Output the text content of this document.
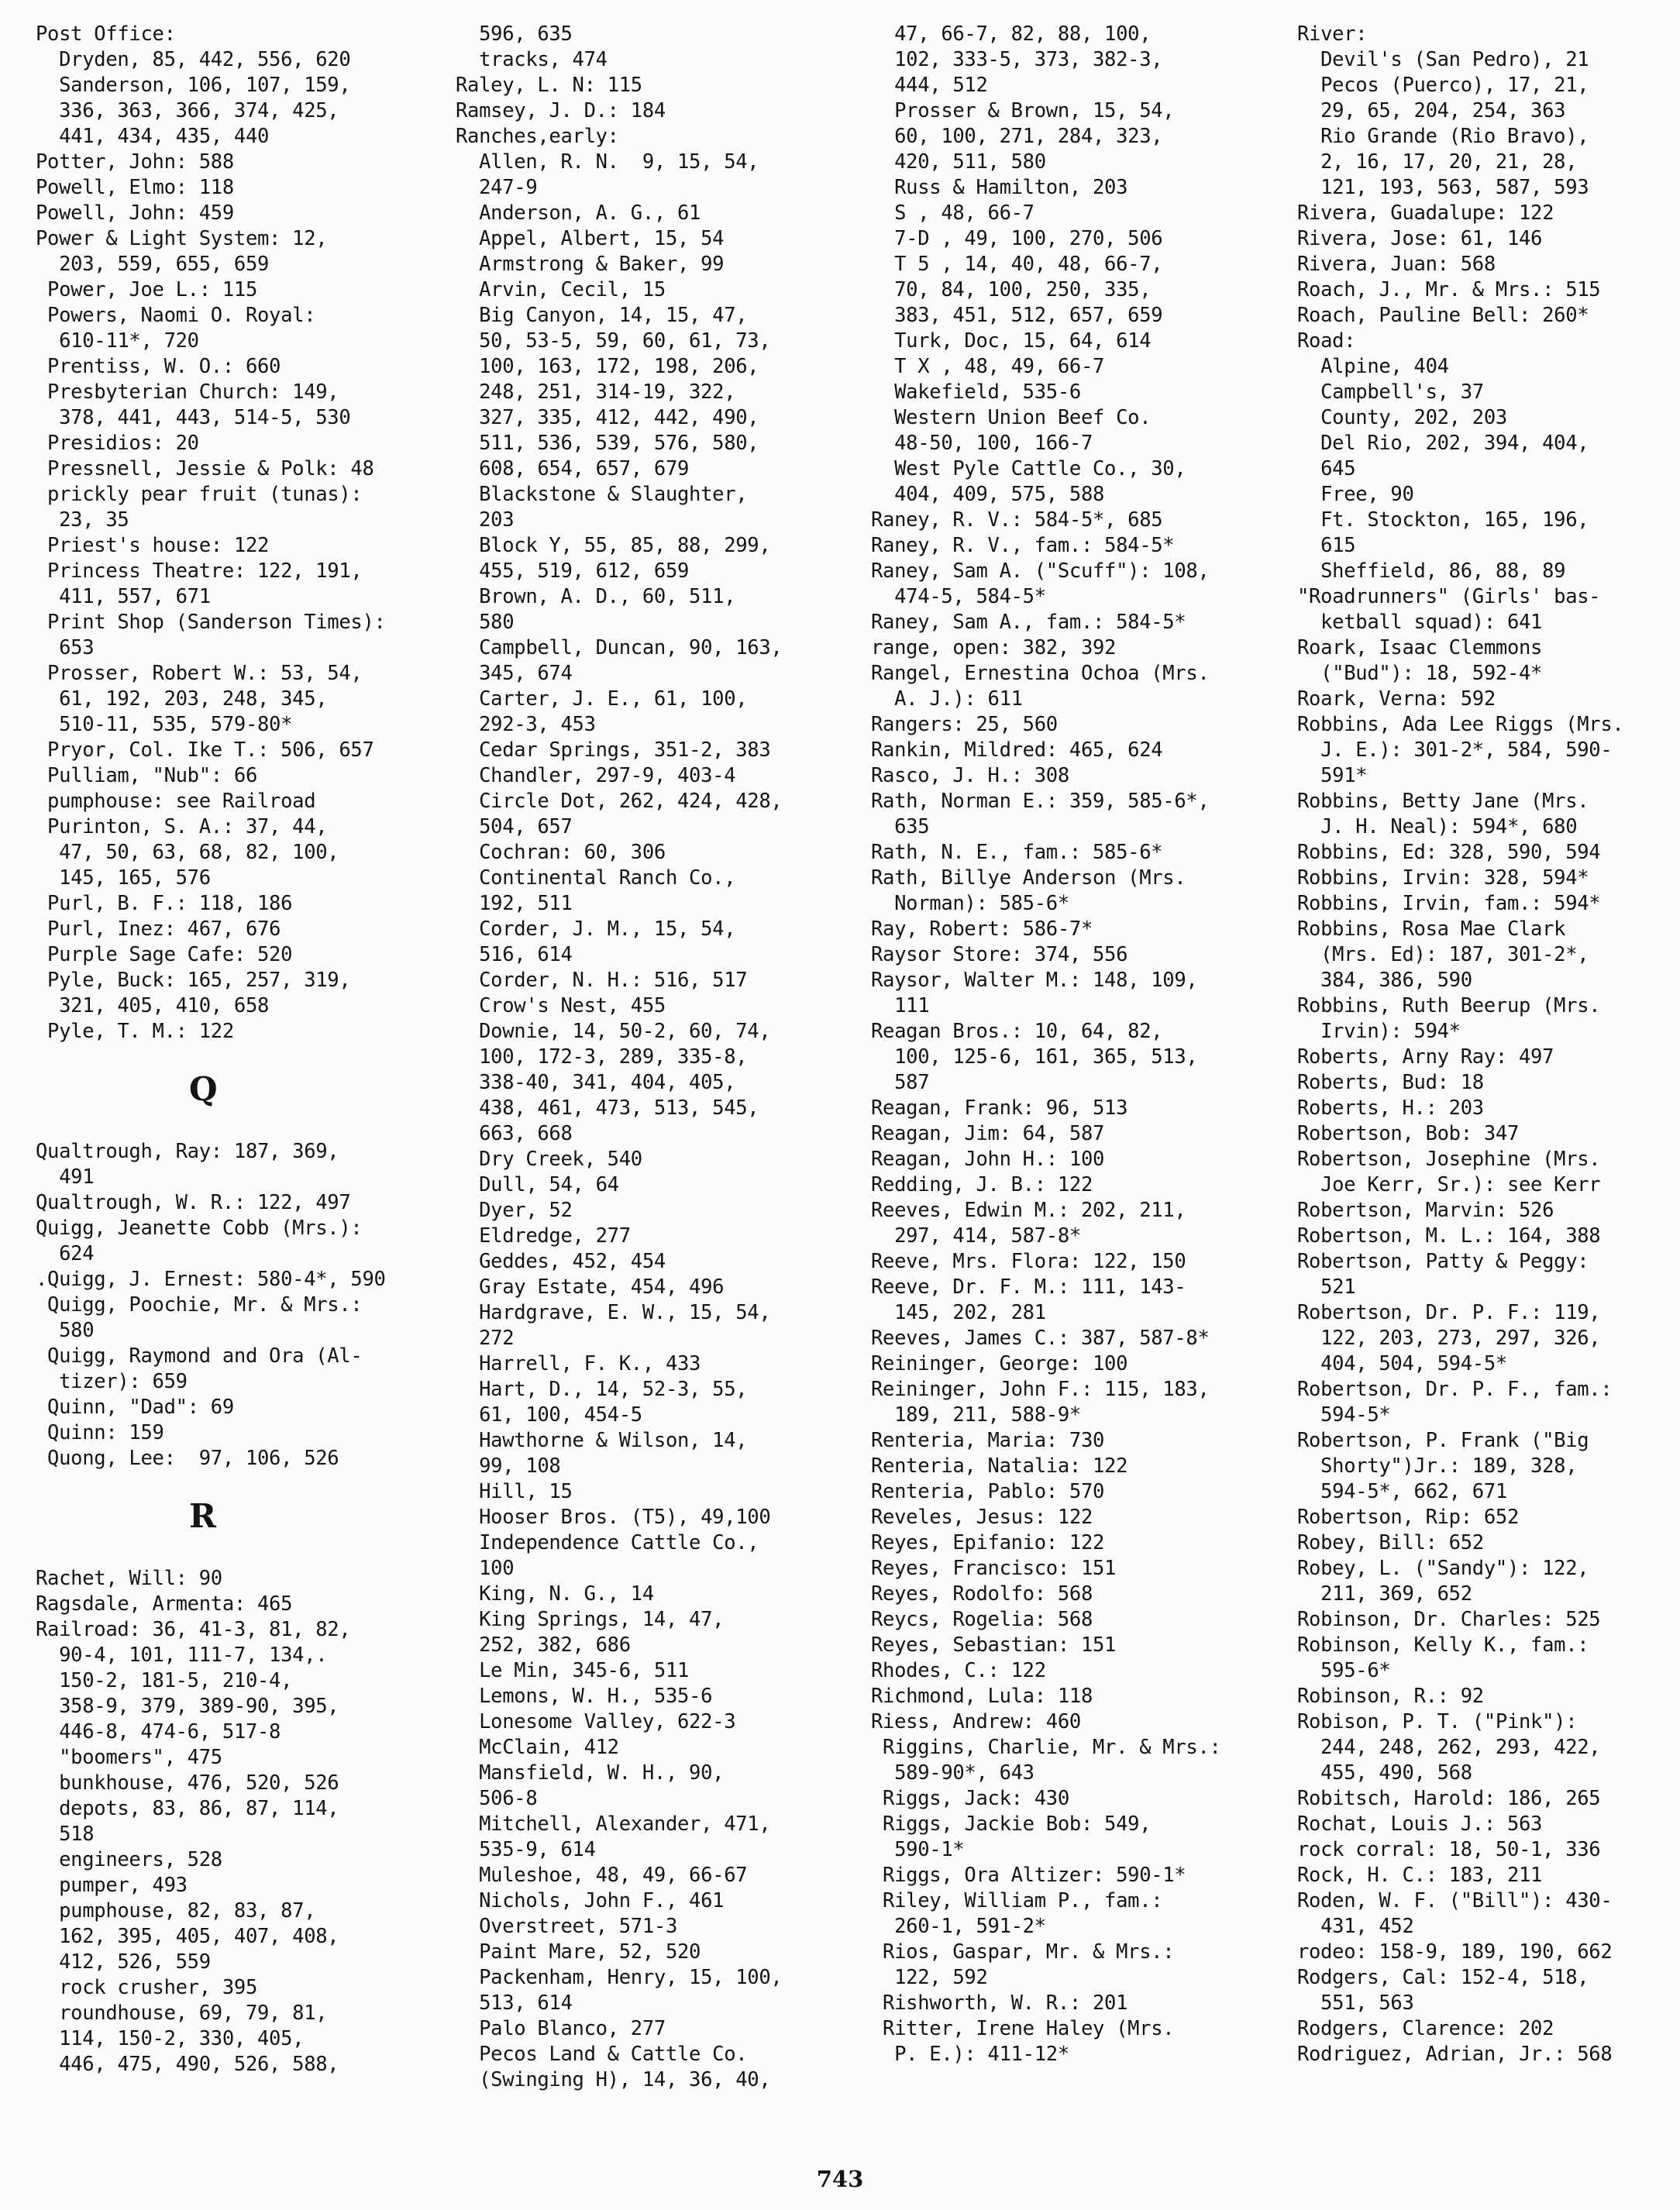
Post Office:

Dryden, 85, 442, 556, 620

Sanderson, 106, 107, 159,

336, 363, 366, 374, 425,

441, 434, 435, 440

Potter, John: 588

Powell, Elmo: 118

Powell, John: 459

Power & Light System: 12,

203, 559, 655, 659

Power, Joe L.: 115

Powers, Naomi O. Royal:

610-11*, 720

Prentiss, W. O.: 660

Presbyterian Church: 149,

378, 441, 443, 514-5, 530

Presidios: 20

Pressnell, Jessie & Polk: 48

prickly pear fruit (tunas):

23, 35

Priest's house: 122

Princess Theatre: 122, 191,

411, 557, 671

Print Shop (Sanderson Times):

653

Prosser, Robert W.: 53, 54,

61, 192, 203, 248, 345,

510-11, 535, 579-80*

Pryor, Col. Ike T.: 506, 657

Pulliam, "Nub": 66

pumphouse: see Railroad

Purinton, S. A.: 37, 44,

47, 50, 63, 68, 82, 100,

145, 165, 576

Purl, B. F.: 118, 186

Purl, Inez: 467, 676

Purple Sage Cafe: 520

Pyle, Buck: 165, 257, 319,

321, 405, 410, 658

Pyle, T. M.: 122

Q

Qualtrough, Ray: 187, 369,

491

Qualtrough, W. R.: 122, 497

Quigg, Jeanette Cobb (Mrs.):

624

.Quigg, J. Ernest: 580-4*, 590

Quigg, Poochie, Mr. & Mrs.:

580

Quigg, Raymond and Ora (Al-

tizer): 659

Quinn, "Dad": 69

Quinn: 159

Quong, Lee:  97, 106, 526

R

Rachet, Will: 90

Ragsdale, Armenta: 465

Railroad: 36, 41-3, 81, 82,

90-4, 101, 111-7, 134,.

150-2, 181-5, 210-4,

358-9, 379, 389-90, 395,

446-8, 474-6, 517-8

"boomers", 475

bunkhouse, 476, 520, 526

depots, 83, 86, 87, 114,

518

engineers, 528

pumper, 493

pumphouse, 82, 83, 87,

162, 395, 405, 407, 408,

412, 526, 559

rock crusher, 395

roundhouse, 69, 79, 81,

114, 150-2, 330, 405,

446, 475, 490, 526, 588,

596, 635

tracks, 474

Raley, L. N: 115

Ramsey, J. D.: 184

Ranches,early:

Allen, R. N.  9, 15, 54,

247-9

Anderson, A. G., 61

Appel, Albert, 15, 54

Armstrong & Baker, 99

Arvin, Cecil, 15

Big Canyon, 14, 15, 47,

50, 53-5, 59, 60, 61, 73,

100, 163, 172, 198, 206,

248, 251, 314-19, 322,

327, 335, 412, 442, 490,

511, 536, 539, 576, 580,

608, 654, 657, 679

Blackstone & Slaughter,

203

Block Y, 55, 85, 88, 299,

455, 519, 612, 659

Brown, A. D., 60, 511,

580

Campbell, Duncan, 90, 163,

345, 674

Carter, J. E., 61, 100,

292-3, 453

Cedar Springs, 351-2, 383

Chandler, 297-9, 403-4

Circle Dot, 262, 424, 428,

504, 657

Cochran: 60, 306

Continental Ranch Co.,

192, 511

Corder, J. M., 15, 54,

516, 614

Corder, N. H.: 516, 517

Crow's Nest, 455

Downie, 14, 50-2, 60, 74,

100, 172-3, 289, 335-8,

338-40, 341, 404, 405,

438, 461, 473, 513, 545,

663, 668

Dry Creek, 540

Dull, 54, 64

Dyer, 52

Eldredge, 277

Geddes, 452, 454

Gray Estate, 454, 496

Hardgrave, E. W., 15, 54,

272

Harrell, F. K., 433

Hart, D., 14, 52-3, 55,

61, 100, 454-5

Hawthorne & Wilson, 14,

99, 108

Hill, 15

Hooser Bros. (T5), 49,100

Independence Cattle Co.,

100

King, N. G., 14

King Springs, 14, 47,

252, 382, 686

Le Min, 345-6, 511

Lemons, W. H., 535-6

Lonesome Valley, 622-3

McClain, 412

Mansfield, W. H., 90,

506-8

Mitchell, Alexander, 471,

535-9, 614

Muleshoe, 48, 49, 66-67

Nichols, John F., 461

Overstreet, 571-3

Paint Mare, 52, 520

Packenham, Henry, 15, 100,

513, 614

Palo Blanco, 277

Pecos Land & Cattle Co.

(Swinging H), 14, 36, 40,

47, 66-7, 82, 88, 100,

102, 333-5, 373, 382-3,

444, 512

Prosser & Brown, 15, 54,

60, 100, 271, 284, 323,

420, 511, 580

Russ & Hamilton, 203

S , 48, 66-7

7-D , 49, 100, 270, 506

T 5 , 14, 40, 48, 66-7,

70, 84, 100, 250, 335,

383, 451, 512, 657, 659

Turk, Doc, 15, 64, 614

T X , 48, 49, 66-7

Wakefield, 535-6

Western Union Beef Co.

48-50, 100, 166-7

West Pyle Cattle Co., 30,

404, 409, 575, 588

Raney, R. V.: 584-5*, 685

Raney, R. V., fam.: 584-5*

Raney, Sam A. ("Scuff"): 108,

474-5, 584-5*

Raney, Sam A., fam.: 584-5*

range, open: 382, 392

Rangel, Ernestina Ochoa (Mrs.

A. J.): 611

Rangers: 25, 560

Rankin, Mildred: 465, 624

Rasco, J. H.: 308

Rath, Norman E.: 359, 585-6*,

635

Rath, N. E., fam.: 585-6*

Rath, Billye Anderson (Mrs.

Norman): 585-6*

Ray, Robert: 586-7*

Raysor Store: 374, 556

Raysor, Walter M.: 148, 109,

111

Reagan Bros.: 10, 64, 82,

100, 125-6, 161, 365, 513,

587

Reagan, Frank: 96, 513

Reagan, Jim: 64, 587

Reagan, John H.: 100

Redding, J. B.: 122

Reeves, Edwin M.: 202, 211,

297, 414, 587-8*

Reeve, Mrs. Flora: 122, 150

Reeve, Dr. F. M.: 111, 143-

145, 202, 281

Reeves, James C.: 387, 587-8*

Reininger, George: 100

Reininger, John F.: 115, 183,

189, 211, 588-9*

Renteria, Maria: 730

Renteria, Natalia: 122

Renteria, Pablo: 570

Reveles, Jesus: 122

Reyes, Epifanio: 122

Reyes, Francisco: 151

Reyes, Rodolfo: 568

Reycs, Rogelia: 568

Reyes, Sebastian: 151

Rhodes, C.: 122

Richmond, Lula: 118

Riess, Andrew: 460

Riggins, Charlie, Mr. & Mrs.:

589-90*, 643

Riggs, Jack: 430

Riggs, Jackie Bob: 549,

590-1*

Riggs, Ora Altizer: 590-1*

Riley, William P., fam.:

260-1, 591-2*

Rios, Gaspar, Mr. & Mrs.:

122, 592

Rishworth, W. R.: 201

Ritter, Irene Haley (Mrs.

P. E.): 411-12*

River:

Devil's (San Pedro), 21

Pecos (Puerco), 17, 21,

29, 65, 204, 254, 363

Rio Grande (Rio Bravo),

2, 16, 17, 20, 21, 28,

121, 193, 563, 587, 593

Rivera, Guadalupe: 122

Rivera, Jose: 61, 146

Rivera, Juan: 568

Roach, J., Mr. & Mrs.: 515

Roach, Pauline Bell: 260*

Road:

Alpine, 404

Campbell's, 37

County, 202, 203

Del Rio, 202, 394, 404,

645

Free, 90

Ft. Stockton, 165, 196,

615

Sheffield, 86, 88, 89

"Roadrunners" (Girls' bas-

ketball squad): 641

Roark, Isaac Clemmons

("Bud"): 18, 592-4*

Roark, Verna: 592

Robbins, Ada Lee Riggs (Mrs.

J. E.): 301-2*, 584, 590-

591*

Robbins, Betty Jane (Mrs.

J. H. Neal): 594*, 680

Robbins, Ed: 328, 590, 594

Robbins, Irvin: 328, 594*

Robbins, Irvin, fam.: 594*

Robbins, Rosa Mae Clark

(Mrs. Ed): 187, 301-2*,

384, 386, 590

Robbins, Ruth Beerup (Mrs.

Irvin): 594*

Roberts, Arny Ray: 497

Roberts, Bud: 18

Roberts, H.: 203

Robertson, Bob: 347

Robertson, Josephine (Mrs.

Joe Kerr, Sr.): see Kerr

Robertson, Marvin: 526

Robertson, M. L.: 164, 388

Robertson, Patty & Peggy:

521

Robertson, Dr. P. F.: 119,

122, 203, 273, 297, 326,

404, 504, 594-5*

Robertson, Dr. P. F., fam.:

594-5*

Robertson, P. Frank ("Big

Shorty")Jr.: 189, 328,

594-5*, 662, 671

Robertson, Rip: 652

Robey, Bill: 652

Robey, L. ("Sandy"): 122,

211, 369, 652

Robinson, Dr. Charles: 525

Robinson, Kelly K., fam.:

595-6*

Robinson, R.: 92

Robison, P. T. ("Pink"):

244, 248, 262, 293, 422,

455, 490, 568

Robitsch, Harold: 186, 265

Rochat, Louis J.: 563

rock corral: 18, 50-1, 336

Rock, H. C.: 183, 211

Roden, W. F. ("Bill"): 430-

431, 452

rodeo: 158-9, 189, 190, 662

Rodgers, Cal: 152-4, 518,

551, 563

Rodgers, Clarence: 202

Rodriguez, Adrian, Jr.: 568

743
